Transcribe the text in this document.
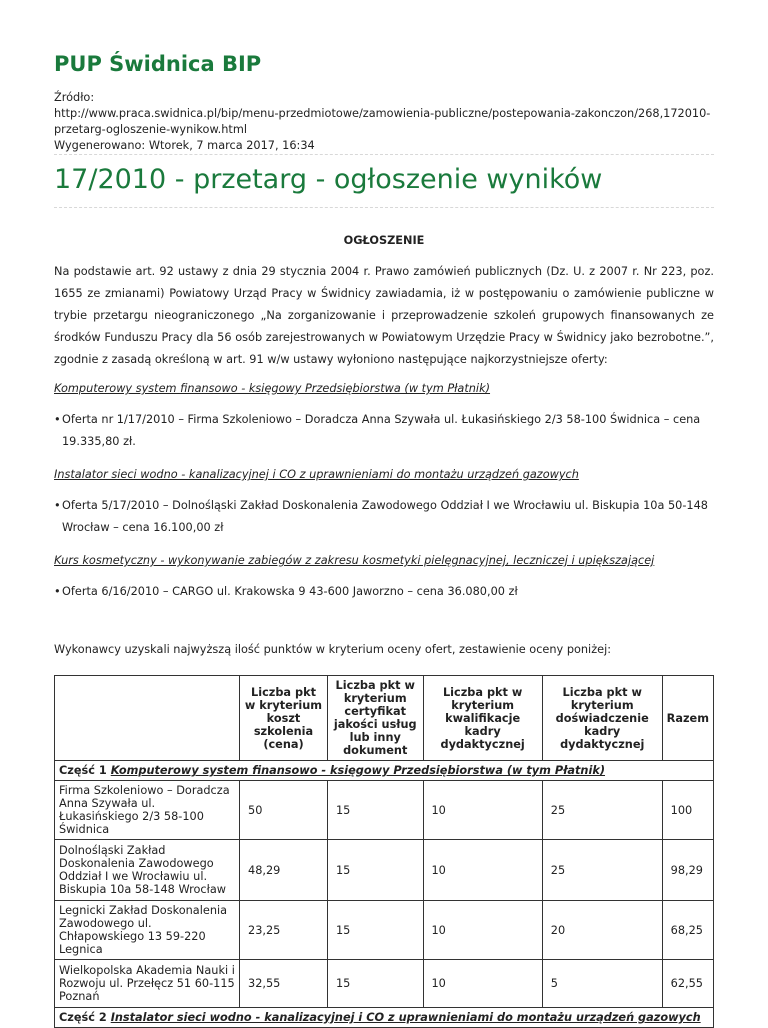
PUP Świdnica BIP
Źródło:
http://www.praca.swidnica.pl/bip/menu-przedmiotowe/zamowienia-publiczne/postepowania-zakonczon/268,172010-przetarg-ogloszenie-wynikow.html
Wygenerowano: Wtorek, 7 marca 2017, 16:34
17/2010 - przetarg - ogłoszenie wyników
OGŁOSZENIE

Na podstawie art. 92 ustawy z dnia 29 stycznia 2004 r. Prawo zamówień publicznych (Dz. U. z 2007 r. Nr 223, poz. 1655 ze zmianami) Powiatowy Urząd Pracy w Świdnicy zawiadamia, iż w postępowaniu o zamówienie publiczne w trybie przetargu nieograniczonego „Na zorganizowanie i przeprowadzenie szkoleń grupowych finansowanych ze środków Funduszu Pracy dla 56 osób zarejestrowanych w Powiatowym Urzędzie Pracy w Świdnicy jako bezrobotne.”, zgodnie z zasadą określoną w art. 91 w/w ustawy wyłoniono następujące najkorzystniejsze oferty:

Komputerowy system finansowo - księgowy Przedsiębiorstwa (w tym Płatnik)
• Oferta nr 1/17/2010 – Firma Szkoleniowo – Doradcza Anna Szywała ul. Łukasińskiego 2/3 58-100 Świdnica – cena 19.335,80 zł.
Instalator sieci wodno - kanalizacyjnej i CO z uprawnieniami do montażu urządzeń gazowych
• Oferta 5/17/2010 – Dolnośląski Zakład Doskonalenia Zawodowego Oddział I we Wrocławiu ul. Biskupia 10a 50-148 Wrocław – cena 16.100,00 zł
Kurs kosmetyczny - wykonywanie zabiegów z zakresu kosmetyki pielęgnacyjnej, leczniczej i upiększającej
• Oferta 6/16/2010 – CARGO ul. Krakowska 9 43-600 Jaworzno – cena 36.080,00 zł

Wykonawcy uzyskali najwyższą ilość punktów w kryterium oceny ofert, zestawienie oceny poniżej:

	Liczba pkt w kryterium koszt szkolenia (cena)	Liczba pkt w kryterium certyfikat jakości usług lub inny dokument	Liczba pkt w kryterium kwalifikacje kadry dydaktycznej	Liczba pkt w kryterium doświadczenie kadry dydaktycznej	Razem
Część 1 Komputerowy system finansowo - księgowy Przedsiębiorstwa (w tym Płatnik)					
Firma Szkoleniowo – Doradcza Anna Szywała ul. Łukasińskiego 2/3 58-100 Świdnica	50	15	10	25	100
Dolnośląski Zakład Doskonalenia Zawodowego Oddział I we Wrocławiu ul. Biskupia 10a 58-148 Wrocław	48,29	15	10	25	98,29
Legnicki Zakład Doskonalenia Zawodowego ul. Chłapowskiego 13 59-220 Legnica	23,25	15	10	20	68,25
Wielkopolska Akademia Nauki i Rozwoju ul. Przełęcz 51 60-115 Poznań	32,55	15	10	5	62,55
Część 2 Instalator sieci wodno - kanalizacyjnej i CO z uprawnieniami do montażu urządzeń gazowych					
